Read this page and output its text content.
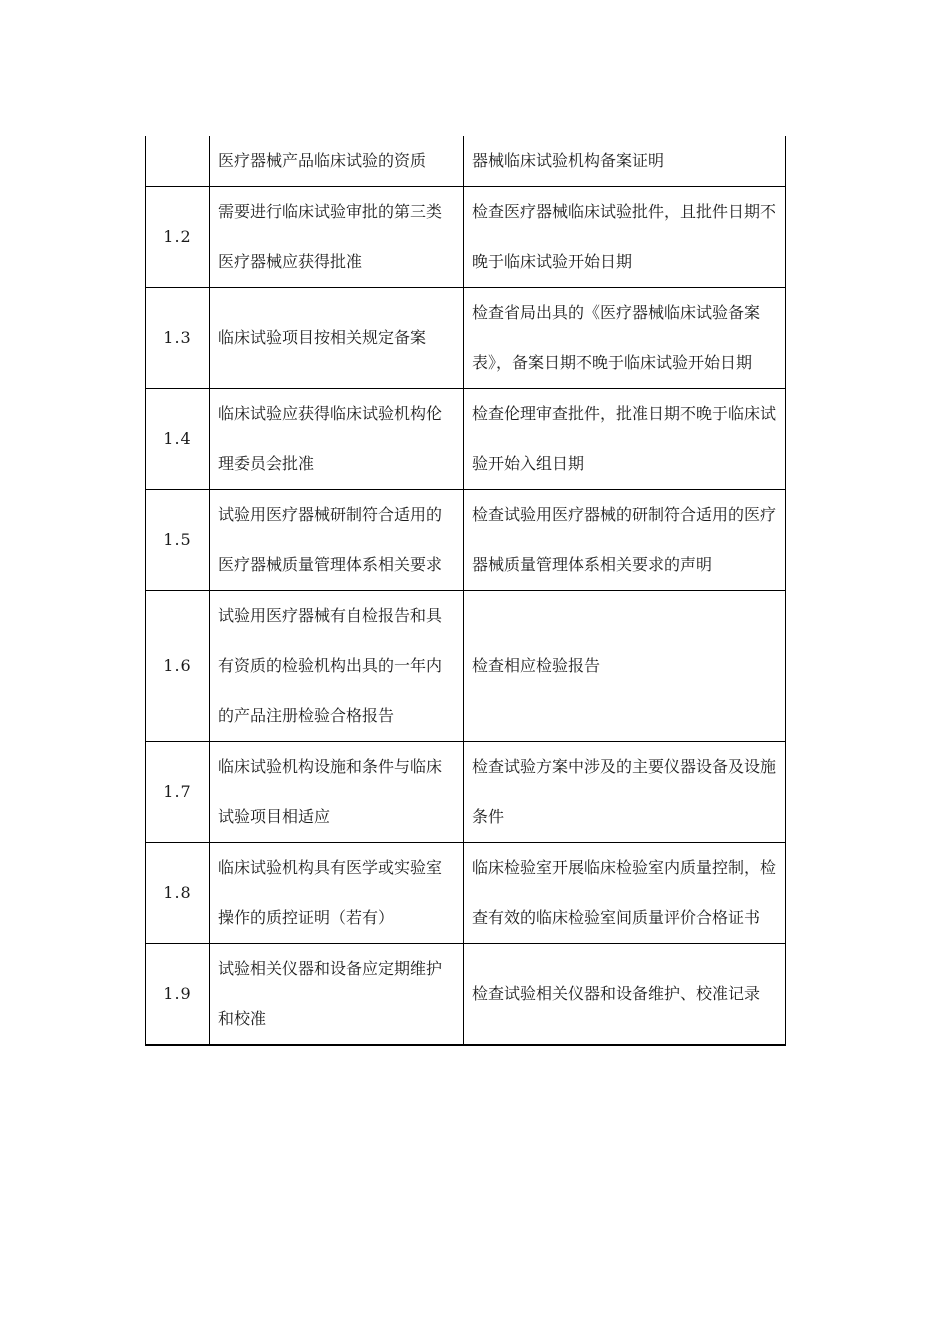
	医疗器械产品临床试验的资质	器械临床试验机构备案证明
1.2	需要进行临床试验审批的第三类医疗器械应获得批准	检查医疗器械临床试验批件，且批件日期不晚于临床试验开始日期
1.3	临床试验项目按相关规定备案	检查省局出具的《医疗器械临床试验备案表》，备案日期不晚于临床试验开始日期
1.4	临床试验应获得临床试验机构伦理委员会批准	检查伦理审查批件，批准日期不晚于临床试验开始入组日期
1.5	试验用医疗器械研制符合适用的医疗器械质量管理体系相关要求	检查试验用医疗器械的研制符合适用的医疗器械质量管理体系相关要求的声明
1.6	试验用医疗器械有自检报告和具有资质的检验机构出具的一年内的产品注册检验合格报告	检查相应检验报告
1.7	临床试验机构设施和条件与临床试验项目相适应	检查试验方案中涉及的主要仪器设备及设施条件
1.8	临床试验机构具有医学或实验室操作的质控证明（若有）	临床检验室开展临床检验室内质量控制，检查有效的临床检验室间质量评价合格证书
1.9	试验相关仪器和设备应定期维护和校准	检查试验相关仪器和设备维护、校准记录
